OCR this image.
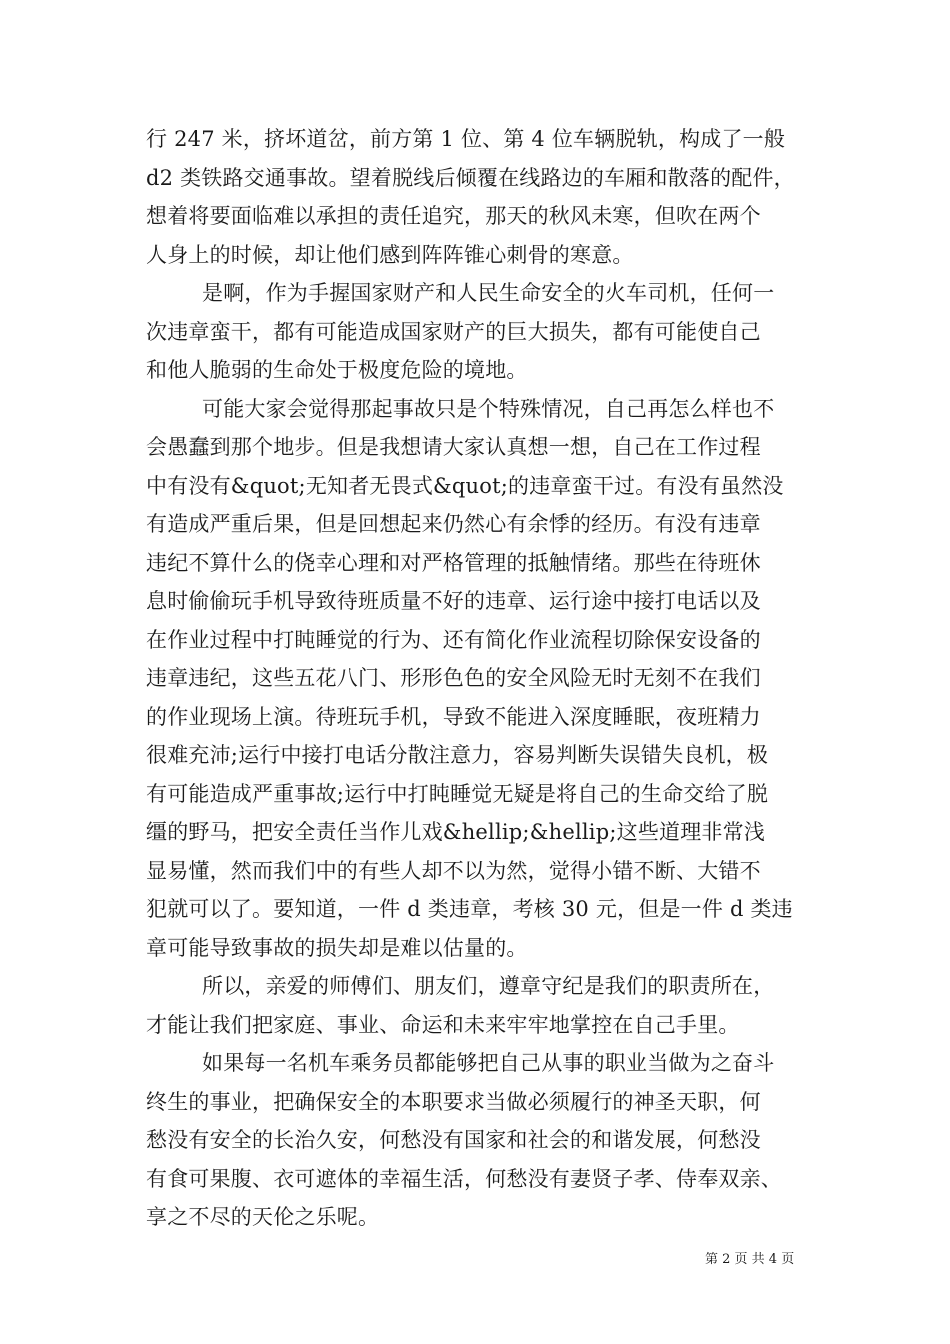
行 247 米，挤坏道岔，前方第 1 位、第 4 位车辆脱轨，构成了一般
d2 类铁路交通事故。望着脱线后倾覆在线路边的车厢和散落的配件，
想着将要面临难以承担的责任追究，那天的秋风未寒，但吹在两个
人身上的时候，却让他们感到阵阵锥心刺骨的寒意。
是啊，作为手握国家财产和人民生命安全的火车司机，任何一
次违章蛮干，都有可能造成国家财产的巨大损失，都有可能使自己
和他人脆弱的生命处于极度危险的境地。
可能大家会觉得那起事故只是个特殊情况，自己再怎么样也不
会愚蠢到那个地步。但是我想请大家认真想一想，自己在工作过程
中有没有&quot;无知者无畏式&quot;的违章蛮干过。有没有虽然没
有造成严重后果，但是回想起来仍然心有余悸的经历。有没有违章
违纪不算什么的侥幸心理和对严格管理的抵触情绪。那些在待班休
息时偷偷玩手机导致待班质量不好的违章、运行途中接打电话以及
在作业过程中打盹睡觉的行为、还有简化作业流程切除保安设备的
违章违纪，这些五花八门、形形色色的安全风险无时无刻不在我们
的作业现场上演。待班玩手机，导致不能进入深度睡眠，夜班精力
很难充沛;运行中接打电话分散注意力，容易判断失误错失良机，极
有可能造成严重事故;运行中打盹睡觉无疑是将自己的生命交给了脱
缰的野马，把安全责任当作儿戏&hellip;&hellip;这些道理非常浅
显易懂，然而我们中的有些人却不以为然，觉得小错不断、大错不
犯就可以了。要知道，一件 d 类违章，考核 30 元，但是一件 d 类违
章可能导致事故的损失却是难以估量的。
所以，亲爱的师傅们、朋友们，遵章守纪是我们的职责所在，
才能让我们把家庭、事业、命运和未来牢牢地掌控在自己手里。
如果每一名机车乘务员都能够把自己从事的职业当做为之奋斗
终生的事业，把确保安全的本职要求当做必须履行的神圣天职，何
愁没有安全的长治久安，何愁没有国家和社会的和谐发展，何愁没
有食可果腹、衣可遮体的幸福生活，何愁没有妻贤子孝、侍奉双亲、
享之不尽的天伦之乐呢。
第 2 页 共 4 页
